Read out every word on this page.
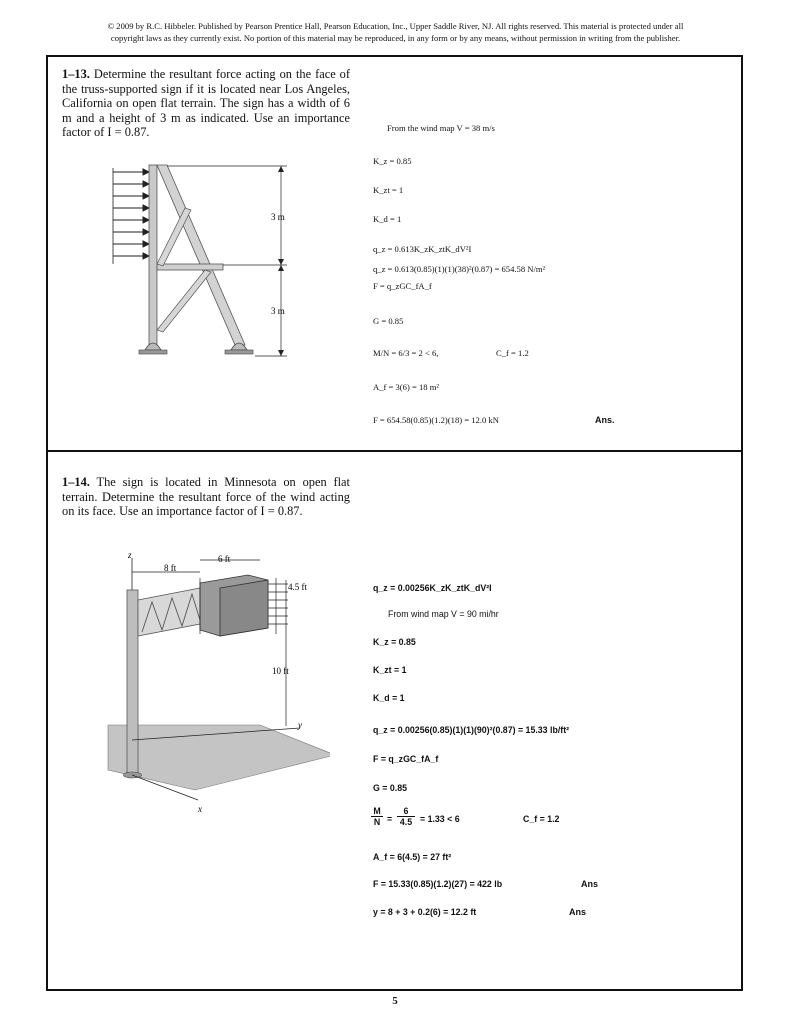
© 2009 by R.C. Hibbeler. Published by Pearson Prentice Hall, Pearson Education, Inc., Upper Saddle River, NJ. All rights reserved. This material is protected under all
copyright laws as they currently exist. No portion of this material may be reproduced, in any form or by any means, without permission in writing from the publisher.
1–13. Determine the resultant force acting on the face of the truss-supported sign if it is located near Los Angeles, California on open flat terrain. The sign has a width of 6 m and a height of 3 m as indicated. Use an importance factor of I = 0.87.
3 m
3 m
From the wind map V = 38 m/s
K_z = 0.85
K_zt = 1
K_d = 1
q_z = 0.613K_zK_ztK_dV²I
q_z = 0.613(0.85)(1)(1)(38)²(0.87) = 654.58 N/m²
F = q_zGC_fA_f
G = 0.85
M/N = 6/3 = 2 < 6,	C_f = 1.2
A_f = 3(6) = 18 m²
F = 654.58(0.85)(1.2)(18) = 12.0 kN	Ans.
1–14. The sign is located in Minnesota on open flat terrain. Determine the resultant force of the wind acting on its face. Use an importance factor of I = 0.87.
z
8 ft
6 ft
4.5 ft
10 ft
y
x
q_z = 0.00256K_zK_ztK_dV²I
From wind map V = 90 mi/hr
K_z = 0.85
K_zt = 1
K_d = 1
q_z = 0.00256(0.85)(1)(1)(90)²(0.87) = 15.33 lb/ft²
F = q_zGC_fA_f
G = 0.85
$\frac{M}{N} = \frac{6}{4.5} = 1.33 < 6$	C_f = 1.2
A_f = 6(4.5) = 27 ft²
F = 15.33(0.85)(1.2)(27) = 422 lb	Ans
y = 8 + 3 + 0.2(6) = 12.2 ft	Ans
5
